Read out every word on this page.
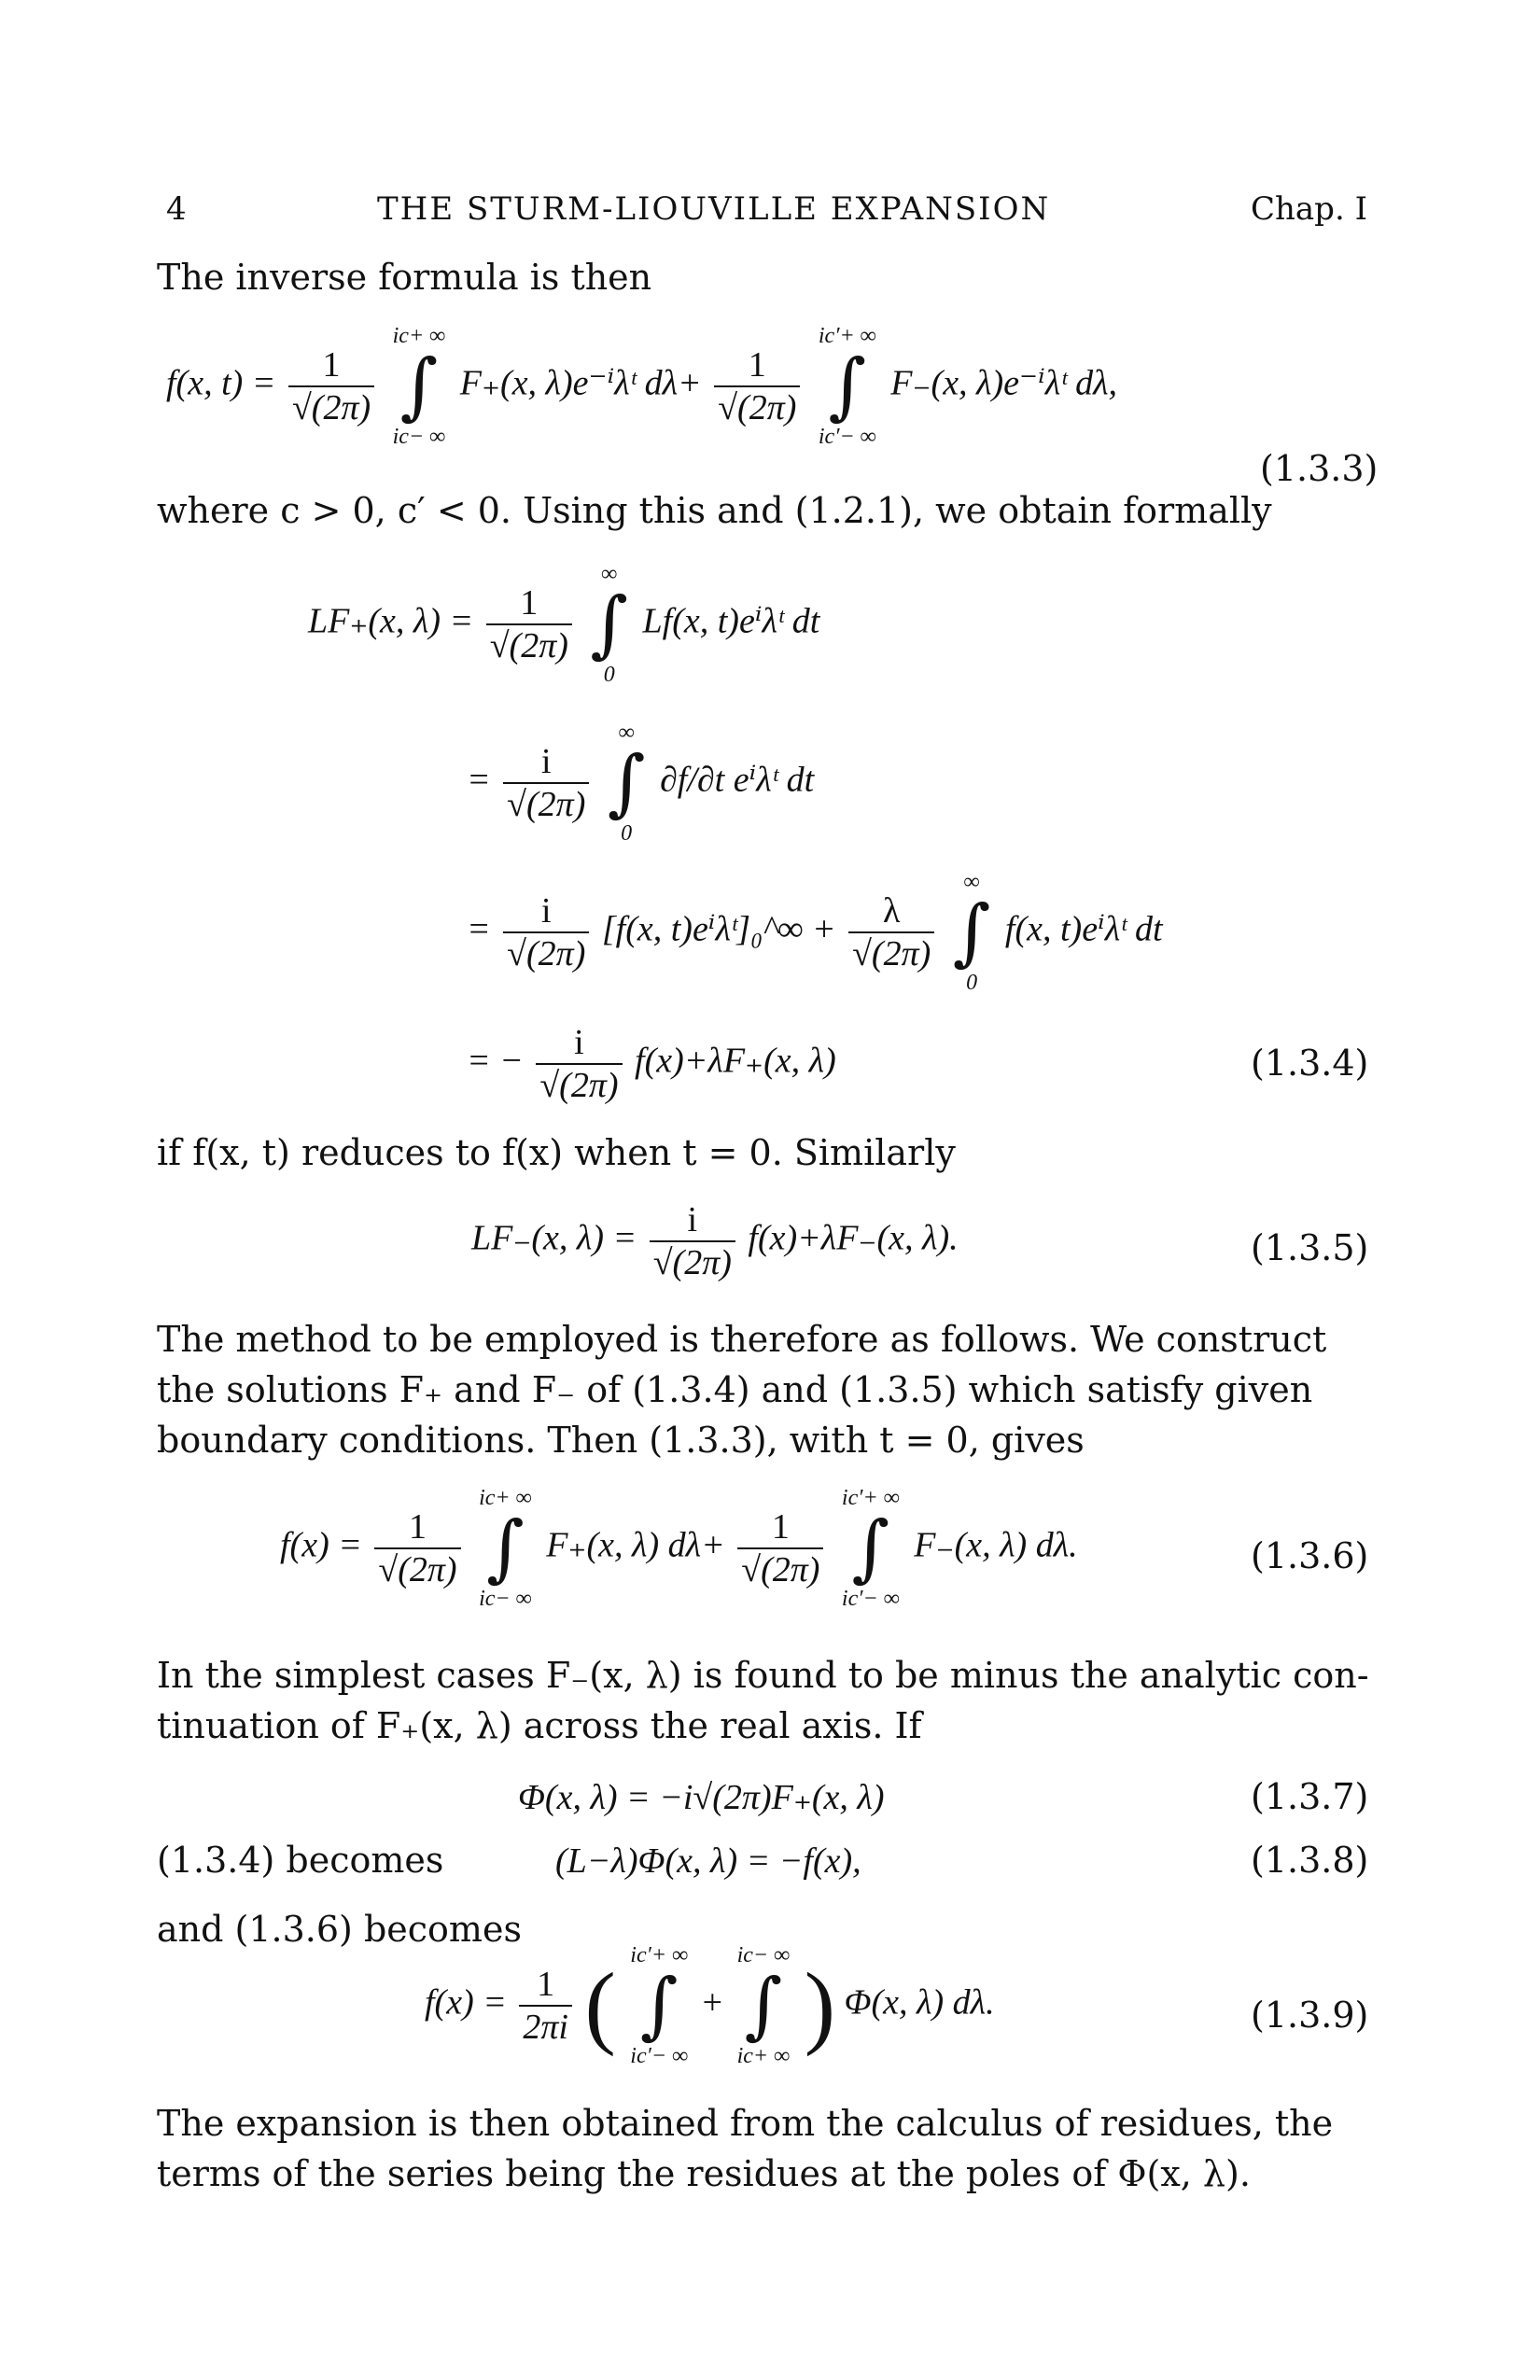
4	THE STURM-LIOUVILLE EXPANSION	Chap. I
The inverse formula is then
f(x, $t) = \frac{1}{√(2\pi)}$

ic+ ∞
∫
ic− ∞
F₊(x, λ)e⁻ⁱλᵗ $d\lambda+ \frac{1}{√(2\pi)}$

ic′+ ∞
∫
ic′− ∞
F₋(x, λ)e⁻ⁱλᵗ dλ,
(1.3.3)
where c > 0, c′ < 0. Using this and (1.2.1), we obtain formally
LF₊(x, $\lambda) = \frac{1}{√(2\pi)}$

∞
∫
0
Lf(x, t)eⁱλᵗ dt
= $\frac{i}{√(2\pi)}$

∞
∫
0
∂f/∂t eⁱλᵗ dt
= $\frac{i}{√(2\pi)} [f(x$, t)eⁱλᵗ]₀^∞ + $\frac{\lambda}{√(2\pi)}$

∞
∫
0
f(x, t)eⁱλᵗ dt
= − $\frac{i}{√(2\pi)} f(x)+\lambda F_+(x$, λ)	(1.3.4)
if f(x, t) reduces to f(x) when t = 0. Similarly
LF₋(x, $\lambda) = \frac{i}{√(2\pi)} f(x)+\lambda F_-(x$, λ).	(1.3.5)
The method to be employed is therefore as follows. We construct
the solutions F₊ and F₋ of (1.3.4) and (1.3.5) which satisfy given
boundary conditions. Then (1.3.3), with t = 0, gives
$f(x) = \frac{1}{√(2\pi)}$

ic+ ∞
∫
ic− ∞
F₊(x, λ) $d\lambda+ \frac{1}{√(2\pi)}$

ic′+ ∞
∫
ic′− ∞
F₋(x, λ) dλ.	(1.3.6)
In the simplest cases F₋(x, λ) is found to be minus the analytic con-
tinuation of F₊(x, λ) across the real axis. If
Φ(x, λ) = −i√(2π)F₊(x, λ)	(1.3.7)
(1.3.4) becomes	(L−λ)Φ(x, λ) = −f(x),	(1.3.8)
and (1.3.6) becomes
$f(x) = \frac{1}{2\pi i}$ ( ic′+ ∞
∫
ic′− ∞
+
ic− ∞
∫
ic+ ∞ ) Φ(x, λ) dλ.	(1.3.9)
The expansion is then obtained from the calculus of residues, the
terms of the series being the residues at the poles of Φ(x, λ).
